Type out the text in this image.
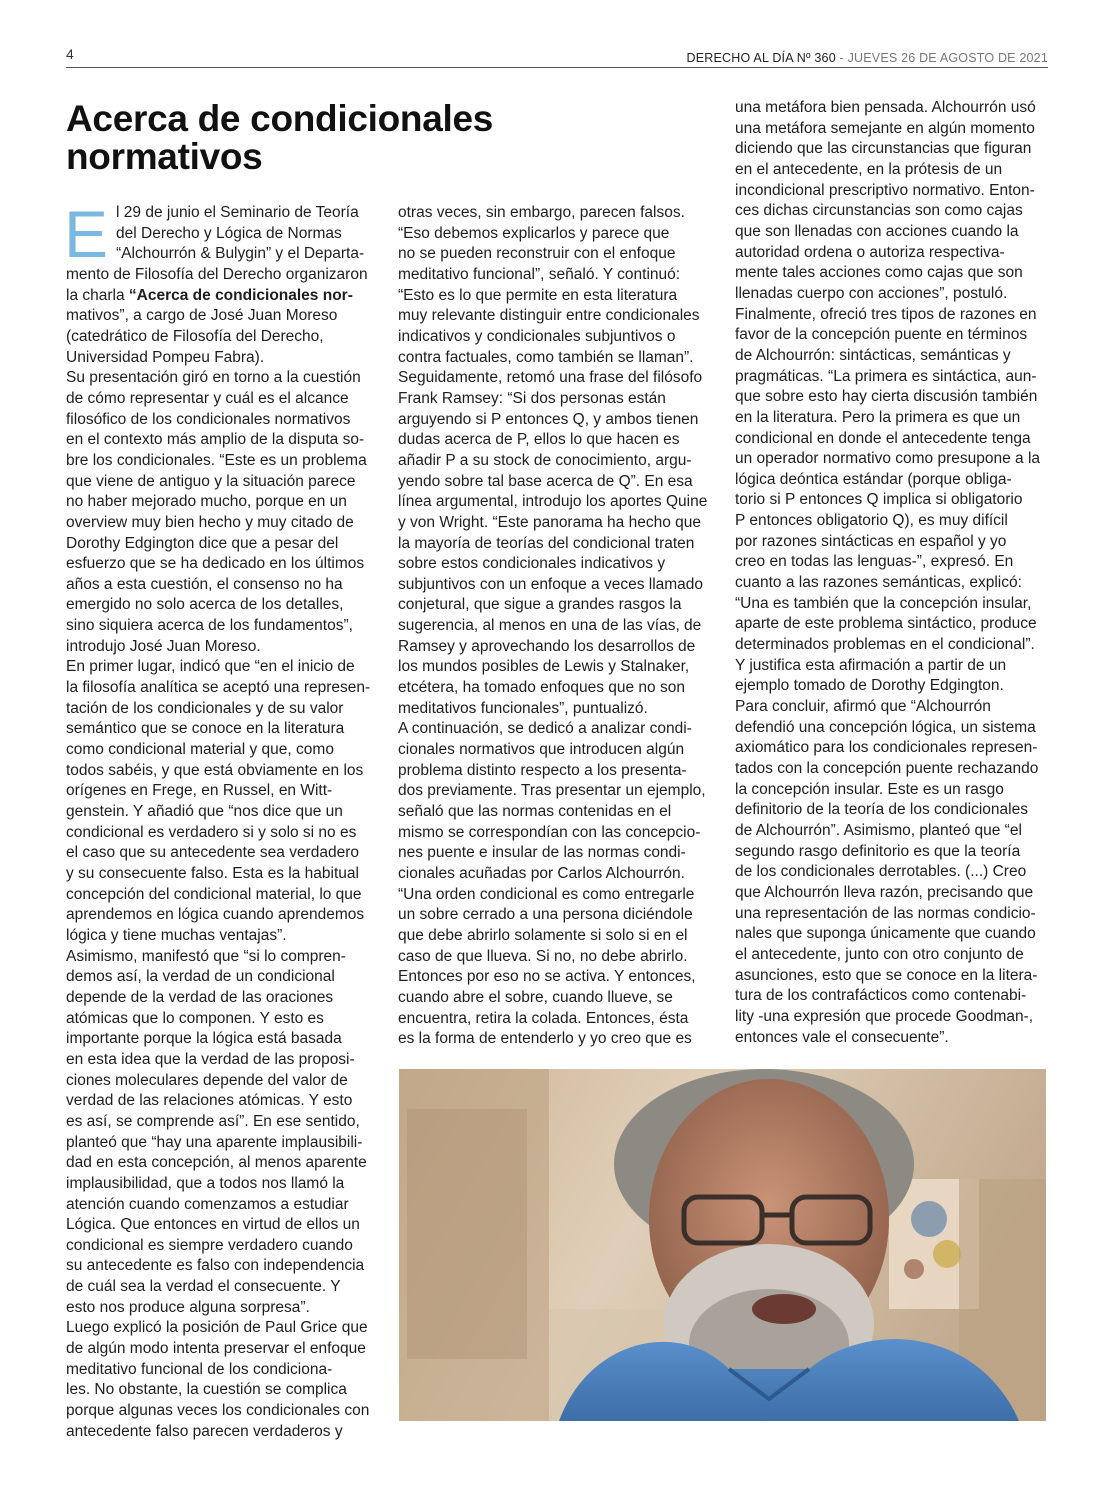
4	DERECHO AL DÍA Nº 360 - JUEVES 26 DE AGOSTO DE 2021
Acerca de condicionales
normativos
E l 29 de junio el Seminario de Teoría

del Derecho y Lógica de Normas

“Alchourrón & Bulygin” y el Departa-

mento de Filosofía del Derecho organizaron

la charla “Acerca de condicionales nor-

mativos”, a cargo de José Juan Moreso

(catedrático de Filosofía del Derecho,

Universidad Pompeu Fabra).

Su presentación giró en torno a la cuestión

de cómo representar y cuál es el alcance

filosófico de los condicionales normativos

en el contexto más amplio de la disputa so-

bre los condicionales. “Este es un problema

que viene de antiguo y la situación parece

no haber mejorado mucho, porque en un

overview muy bien hecho y muy citado de

Dorothy Edgington dice que a pesar del

esfuerzo que se ha dedicado en los últimos

años a esta cuestión, el consenso no ha

emergido no solo acerca de los detalles,

sino siquiera acerca de los fundamentos”,

introdujo José Juan Moreso.

En primer lugar, indicó que “en el inicio de

la filosofía analítica se aceptó una represen-

tación de los condicionales y de su valor

semántico que se conoce en la literatura

como condicional material y que, como

todos sabéis, y que está obviamente en los

orígenes en Frege, en Russel, en Witt-

genstein. Y añadió que “nos dice que un

condicional es verdadero si y solo si no es

el caso que su antecedente sea verdadero

y su consecuente falso. Esta es la habitual

concepción del condicional material, lo que

aprendemos en lógica cuando aprendemos

lógica y tiene muchas ventajas”.

Asimismo, manifestó que “si lo compren-

demos así, la verdad de un condicional

depende de la verdad de las oraciones

atómicas que lo componen. Y esto es

importante porque la lógica está basada

en esta idea que la verdad de las proposi-

ciones moleculares depende del valor de

verdad de las relaciones atómicas. Y esto

es así, se comprende así”. En ese sentido,

planteó que “hay una aparente implausibili-

dad en esta concepción, al menos aparente

implausibilidad, que a todos nos llamó la

atención cuando comenzamos a estudiar

Lógica. Que entonces en virtud de ellos un

condicional es siempre verdadero cuando

su antecedente es falso con independencia

de cuál sea la verdad el consecuente. Y

esto nos produce alguna sorpresa”.

Luego explicó la posición de Paul Grice que

de algún modo intenta preservar el enfoque

meditativo funcional de los condiciona-

les. No obstante, la cuestión se complica

porque algunas veces los condicionales con

antecedente falso parecen verdaderos y

otras veces, sin embargo, parecen falsos.

“Eso debemos explicarlos y parece que

no se pueden reconstruir con el enfoque

meditativo funcional”, señaló. Y continuó:

“Esto es lo que permite en esta literatura

muy relevante distinguir entre condicionales

indicativos y condicionales subjuntivos o

contra factuales, como también se llaman”.

Seguidamente, retomó una frase del filósofo

Frank Ramsey: “Si dos personas están

arguyendo si P entonces Q, y ambos tienen

dudas acerca de P, ellos lo que hacen es

añadir P a su stock de conocimiento, argu-

yendo sobre tal base acerca de Q”. En esa

línea argumental, introdujo los aportes Quine

y von Wright. “Este panorama ha hecho que

la mayoría de teorías del condicional traten

sobre estos condicionales indicativos y

subjuntivos con un enfoque a veces llamado

conjetural, que sigue a grandes rasgos la

sugerencia, al menos en una de las vías, de

Ramsey y aprovechando los desarrollos de

los mundos posibles de Lewis y Stalnaker,

etcétera, ha tomado enfoques que no son

meditativos funcionales”, puntualizó.

A continuación, se dedicó a analizar condi-

cionales normativos que introducen algún

problema distinto respecto a los presenta-

dos previamente. Tras presentar un ejemplo,

señaló que las normas contenidas en el

mismo se correspondían con las concepcio-

nes puente e insular de las normas condi-

cionales acuñadas por Carlos Alchourrón.

“Una orden condicional es como entregarle

un sobre cerrado a una persona diciéndole

que debe abrirlo solamente si solo si en el

caso de que llueva. Si no, no debe abrirlo.

Entonces por eso no se activa. Y entonces,

cuando abre el sobre, cuando llueve, se

encuentra, retira la colada. Entonces, ésta

es la forma de entenderlo y yo creo que es

una metáfora bien pensada. Alchourrón usó

una metáfora semejante en algún momento

diciendo que las circunstancias que figuran

en el antecedente, en la prótesis de un

incondicional prescriptivo normativo. Enton-

ces dichas circunstancias son como cajas

que son llenadas con acciones cuando la

autoridad ordena o autoriza respectiva-

mente tales acciones como cajas que son

llenadas cuerpo con acciones”, postuló.

Finalmente, ofreció tres tipos de razones en

favor de la concepción puente en términos

de Alchourrón: sintácticas, semánticas y

pragmáticas. “La primera es sintáctica, aun-

que sobre esto hay cierta discusión también

en la literatura. Pero la primera es que un

condicional en donde el antecedente tenga

un operador normativo como presupone a la

lógica deóntica estándar (porque obliga-

torio si P entonces Q implica si obligatorio

P entonces obligatorio Q), es muy difícil

por razones sintácticas en español y yo

creo en todas las lenguas-”, expresó. En

cuanto a las razones semánticas, explicó:

“Una es también que la concepción insular,

aparte de este problema sintáctico, produce

determinados problemas en el condicional”.

Y justifica esta afirmación a partir de un

ejemplo tomado de Dorothy Edgington.

Para concluir, afirmó que “Alchourrón

defendió una concepción lógica, un sistema

axiomático para los condicionales represen-

tados con la concepción puente rechazando

la concepción insular. Este es un rasgo

definitorio de la teoría de los condicionales

de Alchourrón”. Asimismo, planteó que “el

segundo rasgo definitorio es que la teoría

de los condicionales derrotables. (...) Creo

que Alchourrón lleva razón, precisando que

una representación de las normas condicio-

nales que suponga únicamente que cuando

el antecedente, junto con otro conjunto de

asunciones, esto que se conoce en la litera-

tura de los contrafácticos como contenabi-

lity -una expresión que procede Goodman-,

entonces vale el consecuente”.
